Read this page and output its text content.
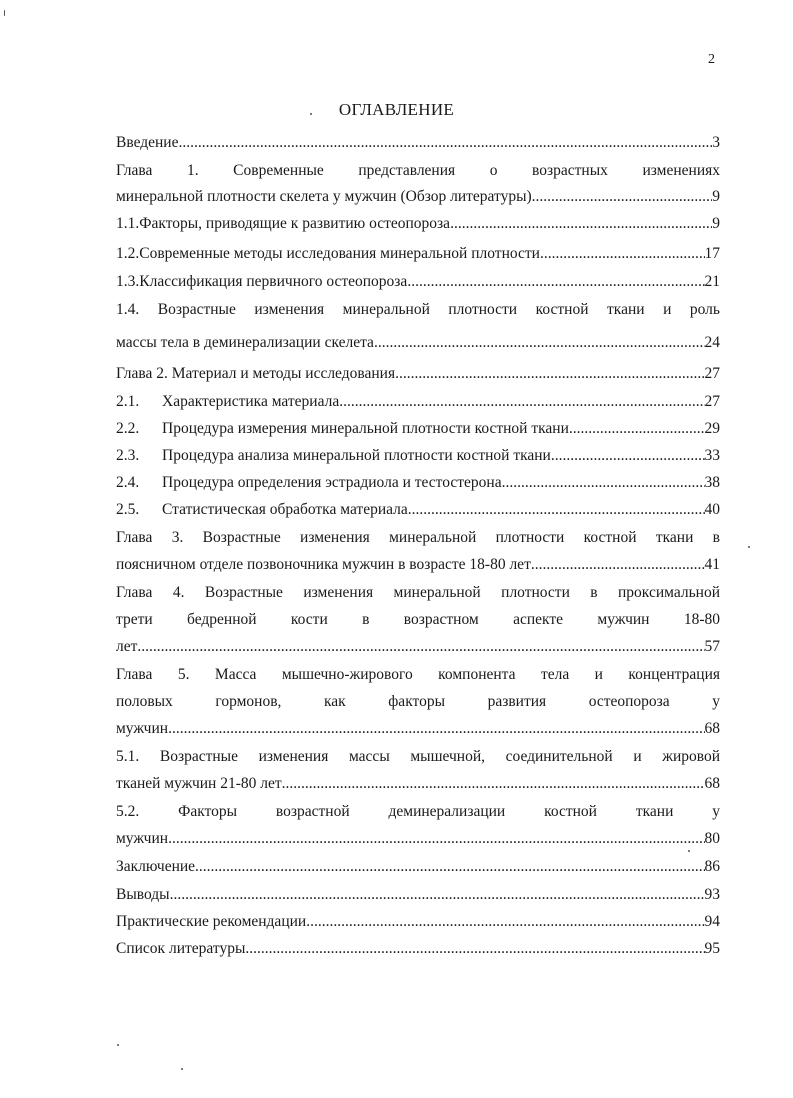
2
ОГЛАВЛЕНИЕ
Введение .....	3
Глава 1. Современные представления о возрастных изменениях
минеральной плотности скелета у мужчин (Обзор литературы) .....	9
1.1.Факторы, приводящие к развитию остеопороза .....	9
1.2.Современные методы исследования минеральной плотности .....	17
1.3.Классификация первичного остеопороза .....	21
1.4. Возрастные изменения минеральной плотности костной ткани и роль
массы тела в деминерализации скелета .....	24
Глава 2. Материал и методы исследования .....	27
2.1. Характеристика материала .....	27
2.2. Процедура измерения минеральной плотности костной ткани .....	29
2.3. Процедура анализа минеральной плотности костной ткани .....	33
2.4. Процедура определения эстрадиола и тестостерона .....	38
2.5. Статистическая обработка материала .....	40
Глава 3. Возрастные изменения минеральной плотности костной ткани в
поясничном отделе позвоночника мужчин в возрасте 18-80 лет .....	41
Глава 4. Возрастные изменения минеральной плотности в проксимальной
трети бедренной кости в возрастном аспекте мужчин 18-80
лет .....	57
Глава 5. Масса мышечно-жирового компонента тела и концентрация
половых гормонов, как факторы развития остеопороза у
мужчин .....	68
5.1. Возрастные изменения массы мышечной, соединительной и жировой
тканей мужчин 21-80 лет .....	68
5.2. Факторы возрастной деминерализации костной ткани у
мужчин .....	80
Заключение .....	86
Выводы .....	93
Практические рекомендации .....	94
Список литературы .....	95
